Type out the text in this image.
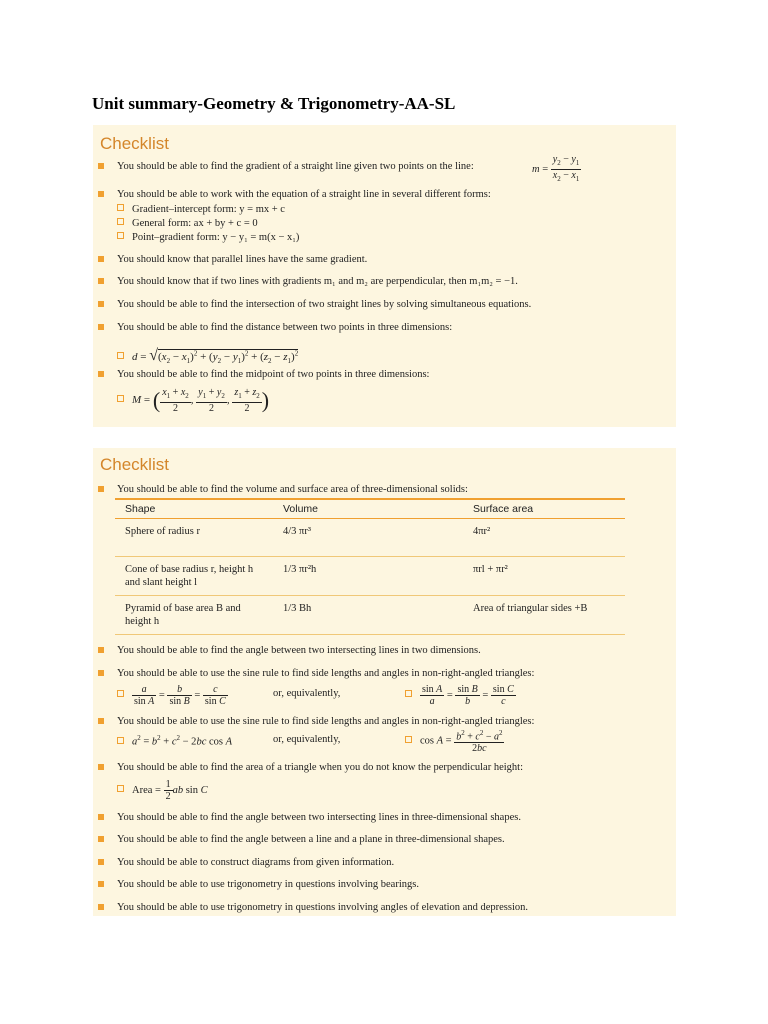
Unit summary-Geometry & Trigonometry-AA-SL
Checklist
You should be able to find the gradient of a straight line given two points on the line:	$m = \frac{y_2 - y_1}{x_2 - x_1}$
You should be able to work with the equation of a straight line in several different forms:
Gradient–intercept form: y = mx + c
General form: ax + by + c = 0
Point–gradient form: y − y₁ = m(x − x₁)
You should know that parallel lines have the same gradient.
You should know that if two lines with gradients m₁ and m₂ are perpendicular, then m₁m₂ = −1.
You should be able to find the intersection of two straight lines by solving simultaneous equations.
You should be able to find the distance between two points in three dimensions:
$d = √(x_2 - x_1)^2 + (y_2 - y_1)^2 + (z_2 - z_1)^2$
You should be able to find the midpoint of two points in three dimensions:
M = ( $\frac{x_1 + x_2}{2}$ , $\frac{y_1 + y_2}{2}$ , $\frac{z_1 + z_2}{2}$ )
Checklist
You should be able to find the volume and surface area of three-dimensional solids:
Shape	Volume	Surface area
Sphere of radius r	4/3 πr³	4πr²
Cone of base radius r, height h and slant height l	1/3 πr²h	πrl + πr²
Pyramid of base area B and height h	1/3 Bh	Area of triangular sides +B
You should be able to find the angle between two intersecting lines in two dimensions.
You should be able to use the sine rule to find side lengths and angles in non-right-angled triangles:
$\frac{a}{\text{sin A}} = \frac{b}{\text{sin B}} = \frac{c}{\text{sin C}}$	or, equivalently,	$\frac{\text{sin A}}{a} = \frac{\text{sin B}}{b} = \frac{\text{sin C}}{c}$
You should be able to use the sine rule to find side lengths and angles in non-right-angled triangles:
$a^2 = b^2 + c^2 - 2bc$ cos A	or, equivalently,	$\cos A = \frac{b^2 + c^2 - a^2}{2bc}$
You should be able to find the area of a triangle when you do not know the perpendicular height:
Area = $\frac{1}{2}$ ab sin C
You should be able to find the angle between two intersecting lines in three-dimensional shapes.
You should be able to find the angle between a line and a plane in three-dimensional shapes.
You should be able to construct diagrams from given information.
You should be able to use trigonometry in questions involving bearings.
You should be able to use trigonometry in questions involving angles of elevation and depression.
